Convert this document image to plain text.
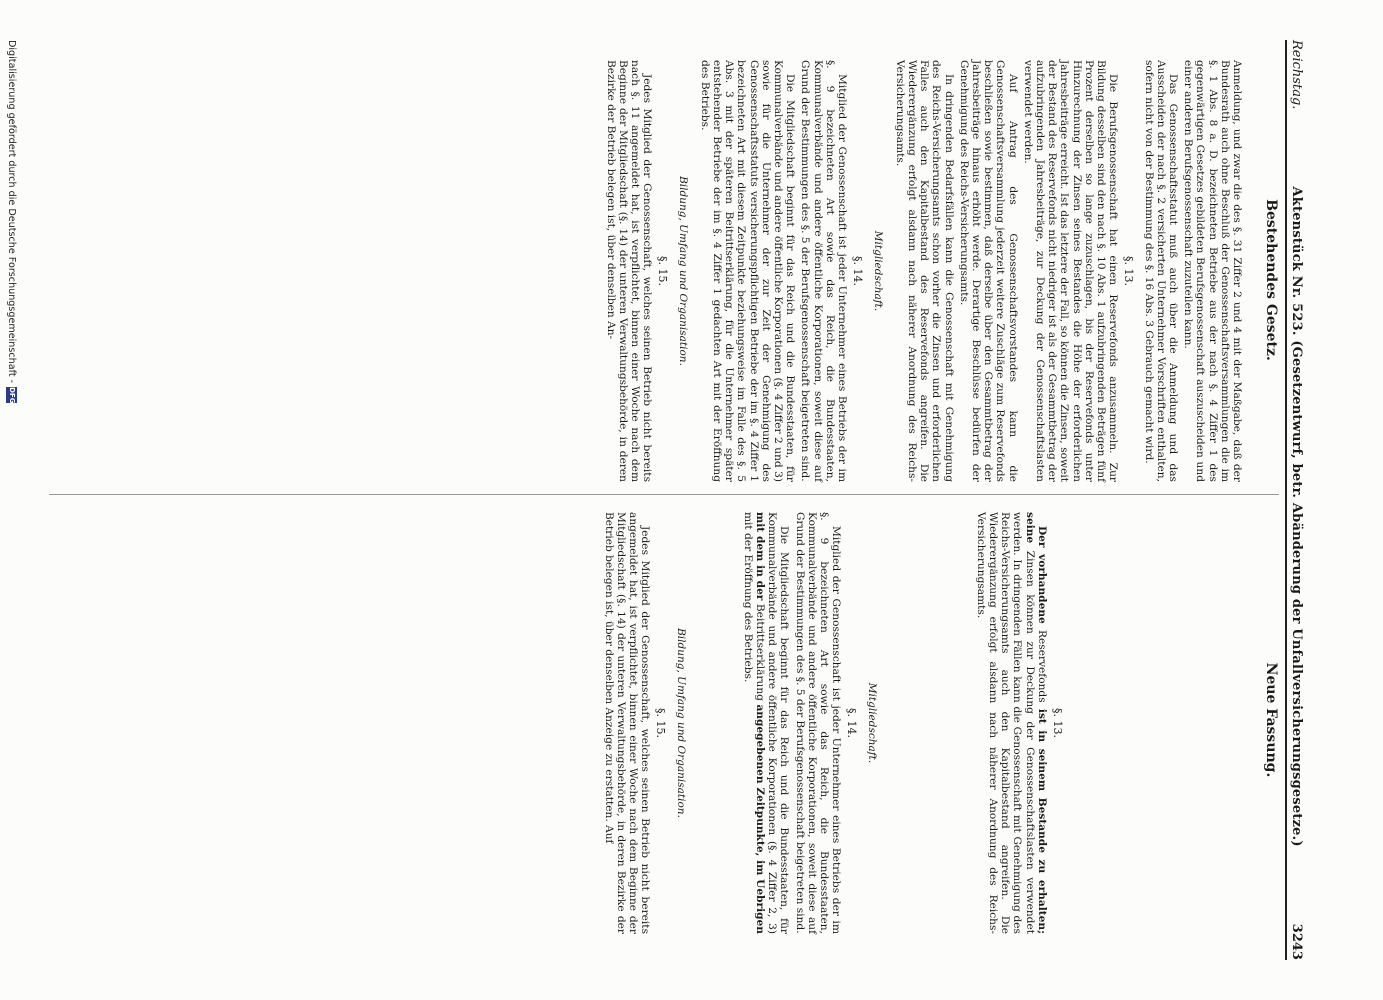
Reichstag.
Aktenstück Nr. 523. (Gesetzentwurf, betr. Abänderung der Unfallversicherungsgesetze.)
3243
Bestehendes Gesetz.
Neue Fassung.

Anmeldung, und zwar die des §. 31 Ziffer 2 und 4 mit der Maßgabe, daß der Bundesrath auch ohne Beschluß der Genossenschaftsversammlungen die im §. 1 Abs. 8 a. D. bezeichneten Betriebe aus der nach §. 4 Ziffer 1 des gegenwärtigen Gesetzes gebildeten Berufsgenossenschaft auszuscheiden und einer anderen Berufsgenossenschaft zuzuteilen kann.

Das Genossenschaftsstatut muß auch über die Anmeldung und das Ausscheiden der nach §. 2 versicherten Unternehmer Vorschriften enthalten, sofern nicht von der Bestimmung des §. 16 Abs. 3 Gebrauch gemacht wird.

§. 13.

Die Berufsgenossenschaft hat einen Reservefonds anzusammeln. Zur Bildung desselben sind den nach §. 10 Abs. 1 aufzubringenden Beträgen fünf Prozent derselben so lange zuzuschlagen, bis der Reservefonds unter Hinzurechnung der Zinsen seines Bestandes die Höhe der erforderlichen Jahresbeiträge erreicht. Ist das letztere der Fall, so können die Zinsen, soweit der Bestand des Reservefonds nicht niedriger ist als der Gesammtbetrag der aufzubringenden Jahresbeiträge, zur Deckung der Genossenschaftslasten verwendet werden.

Auf Antrag des Genossenschaftsvorstandes kann die Genossenschaftsversammlung jederzeit weitere Zuschläge zum Reservefonds beschließen sowie bestimmen, daß derselbe über den Gesammtbetrag der Jahresbeiträge hinaus erhöht werde. Derartige Beschlüsse bedürfen der Genehmigung des Reichs-Versicherungsamts.

In dringenden Bedarfsfällen kann die Genossenschaft mit Genehmigung des Reichs-Versicherungsamts schon vorher die Zinsen und erforderlichen Falles auch den Kapitalbestand des Reservefonds angreifen. Die Wiederergänzung erfolgt alsdann nach näherer Anordnung des Reichs-Versicherungsamts.

Mitgliedschaft.
§. 14.

Mitglied der Genossenschaft ist jeder Unternehmer eines Betriebs der im §. 9 bezeichneten Art sowie das Reich, die Bundesstaaten, Kommunalverbände und andere öffentliche Korporationen, soweit diese auf Grund der Bestimmungen des §. 5 der Berufsgenossenschaft beigetreten sind.

Die Mitgliedschaft beginnt für das Reich und die Bundesstaaten, für Kommunalverbände und andere öffentliche Korporationen (§. 4 Ziffer 2 und 3) sowie für die Unternehmer der zur Zeit der Genehmigung des Genossenschaftsstatuts versicherungspflichtigen Betriebe der im §. 4 Ziffer 1 bezeichneten Art mit diesem Zeitpunkte beziehungsweise im Falle des §. 5 Abs. 3 mit der späteren Beitrittserklärung, für die Unternehmer später entstehender Betriebe der im §. 4 Ziffer 1 gedachten Art mit der Eröffnung des Betriebs.

Bildung, Umfang und Organisation.
§. 15.

Jedes Mitglied der Genossenschaft, welches seinen Betrieb nicht bereits nach §. 11 angemeldet hat, ist verpflichtet, binnen einer Woche nach dem Beginne der Mitgliedschaft (§. 14) der unteren Verwaltungsbehörde, in deren Bezirke der Betrieb belegen ist, über denselben An-

§. 13.

Der vorhandene Reservefonds ist in seinem Bestande zu erhalten; seine Zinsen können zur Deckung der Genossenschaftslasten verwendet werden. In dringenden Fällen kann die Genossenschaft mit Genehmigung des Reichs-Versicherungsamts auch den Kapitalbestand angreifen. Die Wiederergänzung erfolgt alsdann nach näherer Anordnung des Reichs-Versicherungsamts.

Mitgliedschaft.
§. 14.

Mitglied der Genossenschaft ist jeder Unternehmer eines Betriebs der im §. 9 bezeichneten Art sowie das Reich, die Bundesstaaten, Kommunalverbände und andere öffentliche Korporationen, soweit diese auf Grund der Bestimmungen des §. 5 der Berufsgenossenschaft beigetreten sind.

Die Mitgliedschaft beginnt für das Reich und die Bundesstaaten, für Kommunalverbände und andere öffentliche Korporationen (§. 4 Ziffer 2, 3) mit dem in der Beitrittserklärung angegebenen Zeitpunkte, im Uebrigen mit der Eröffnung des Betriebs.

Bildung, Umfang und Organisation.
§. 15.

Jedes Mitglied der Genossenschaft, welches seinen Betrieb nicht bereits angemeldet hat, ist verpflichtet, binnen einer Woche nach dem Beginne der Mitgliedschaft (§. 14) der unteren Verwaltungsbehörde, in deren Bezirke der Betrieb belegen ist, über denselben Anzeige zu erstatten. Auf

Digitalisierung gefördert durch die Deutsche Forschungsgemeinschaft -
DFG
